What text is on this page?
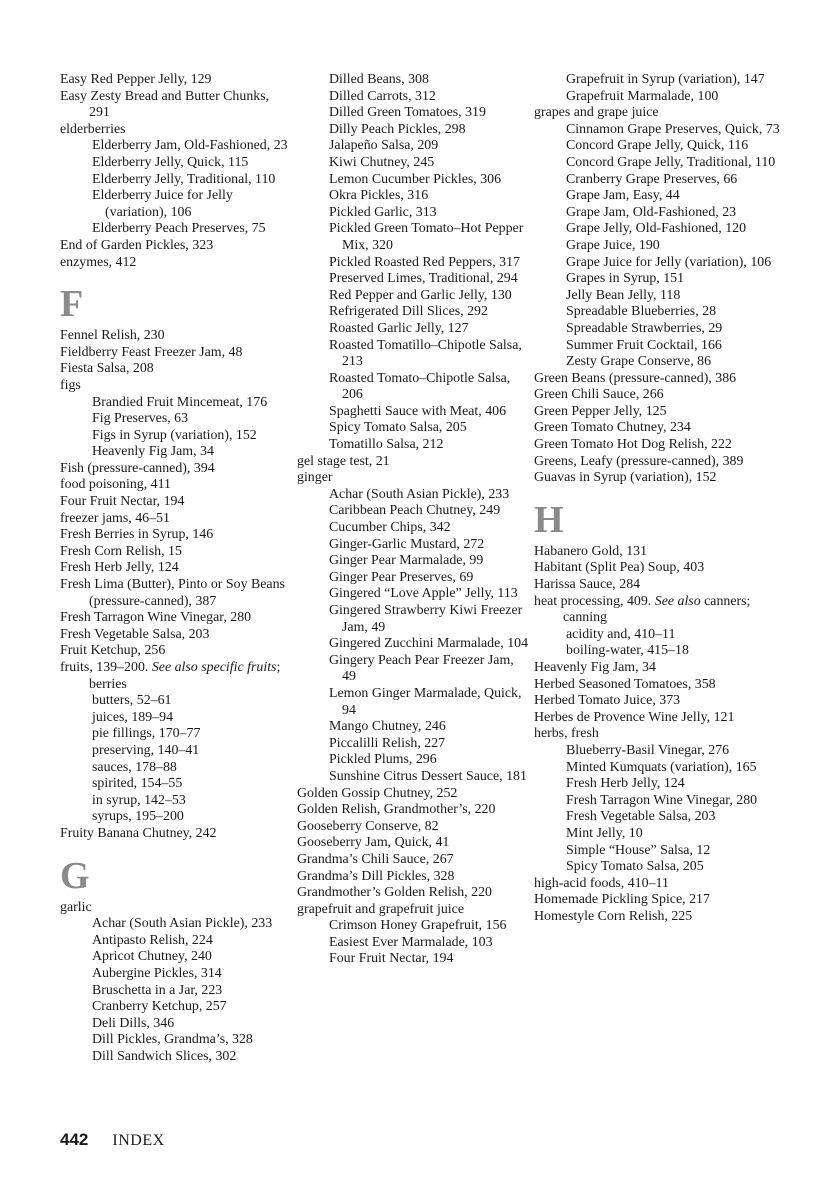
Easy Red Pepper Jelly, 129
Easy Zesty Bread and Butter Chunks, 291
elderberries
Elderberry Jam, Old-Fashioned, 23
Elderberry Jelly, Quick, 115
Elderberry Jelly, Traditional, 110
Elderberry Juice for Jelly (variation), 106
Elderberry Peach Preserves, 75
End of Garden Pickles, 323
enzymes, 412
F
Fennel Relish, 230
Fieldberry Feast Freezer Jam, 48
Fiesta Salsa, 208
figs
Brandied Fruit Mincemeat, 176
Fig Preserves, 63
Figs in Syrup (variation), 152
Heavenly Fig Jam, 34
Fish (pressure-canned), 394
food poisoning, 411
Four Fruit Nectar, 194
freezer jams, 46–51
Fresh Berries in Syrup, 146
Fresh Corn Relish, 15
Fresh Herb Jelly, 124
Fresh Lima (Butter), Pinto or Soy Beans (pressure-canned), 387
Fresh Tarragon Wine Vinegar, 280
Fresh Vegetable Salsa, 203
Fruit Ketchup, 256
fruits, 139–200. See also specific fruits; berries
butters, 52–61
juices, 189–94
pie fillings, 170–77
preserving, 140–41
sauces, 178–88
spirited, 154–55
in syrup, 142–53
syrups, 195–200
Fruity Banana Chutney, 242
G
garlic
Achar (South Asian Pickle), 233
Antipasto Relish, 224
Apricot Chutney, 240
Aubergine Pickles, 314
Bruschetta in a Jar, 223
Cranberry Ketchup, 257
Deli Dills, 346
Dill Pickles, Grandma’s, 328
Dill Sandwich Slices, 302
Dilled Beans, 308
Dilled Carrots, 312
Dilled Green Tomatoes, 319
Dilly Peach Pickles, 298
Jalapeño Salsa, 209
Kiwi Chutney, 245
Lemon Cucumber Pickles, 306
Okra Pickles, 316
Pickled Garlic, 313
Pickled Green Tomato–Hot Pepper Mix, 320
Pickled Roasted Red Peppers, 317
Preserved Limes, Traditional, 294
Red Pepper and Garlic Jelly, 130
Refrigerated Dill Slices, 292
Roasted Garlic Jelly, 127
Roasted Tomatillo–Chipotle Salsa, 213
Roasted Tomato–Chipotle Salsa, 206
Spaghetti Sauce with Meat, 406
Spicy Tomato Salsa, 205
Tomatillo Salsa, 212
gel stage test, 21
ginger
Achar (South Asian Pickle), 233
Caribbean Peach Chutney, 249
Cucumber Chips, 342
Ginger-Garlic Mustard, 272
Ginger Pear Marmalade, 99
Ginger Pear Preserves, 69
Gingered “Love Apple” Jelly, 113
Gingered Strawberry Kiwi Freezer Jam, 49
Gingered Zucchini Marmalade, 104
Gingery Peach Pear Freezer Jam, 49
Lemon Ginger Marmalade, Quick, 94
Mango Chutney, 246
Piccalilli Relish, 227
Pickled Plums, 296
Sunshine Citrus Dessert Sauce, 181
Golden Gossip Chutney, 252
Golden Relish, Grandmother’s, 220
Gooseberry Conserve, 82
Gooseberry Jam, Quick, 41
Grandma’s Chili Sauce, 267
Grandma’s Dill Pickles, 328
Grandmother’s Golden Relish, 220
grapefruit and grapefruit juice
Crimson Honey Grapefruit, 156
Easiest Ever Marmalade, 103
Four Fruit Nectar, 194
Grapefruit in Syrup (variation), 147
Grapefruit Marmalade, 100
grapes and grape juice
Cinnamon Grape Preserves, Quick, 73
Concord Grape Jelly, Quick, 116
Concord Grape Jelly, Traditional, 110
Cranberry Grape Preserves, 66
Grape Jam, Easy, 44
Grape Jam, Old-Fashioned, 23
Grape Jelly, Old-Fashioned, 120
Grape Juice, 190
Grape Juice for Jelly (variation), 106
Grapes in Syrup, 151
Jelly Bean Jelly, 118
Spreadable Blueberries, 28
Spreadable Strawberries, 29
Summer Fruit Cocktail, 166
Zesty Grape Conserve, 86
Green Beans (pressure-canned), 386
Green Chili Sauce, 266
Green Pepper Jelly, 125
Green Tomato Chutney, 234
Green Tomato Hot Dog Relish, 222
Greens, Leafy (pressure-canned), 389
Guavas in Syrup (variation), 152
H
Habanero Gold, 131
Habitant (Split Pea) Soup, 403
Harissa Sauce, 284
heat processing, 409. See also canners; canning
acidity and, 410–11
boiling-water, 415–18
Heavenly Fig Jam, 34
Herbed Seasoned Tomatoes, 358
Herbed Tomato Juice, 373
Herbes de Provence Wine Jelly, 121
herbs, fresh
Blueberry-Basil Vinegar, 276
Minted Kumquats (variation), 165
Fresh Herb Jelly, 124
Fresh Tarragon Wine Vinegar, 280
Fresh Vegetable Salsa, 203
Mint Jelly, 10
Simple “House” Salsa, 12
Spicy Tomato Salsa, 205
high-acid foods, 410–11
Homemade Pickling Spice, 217
Homestyle Corn Relish, 225
442 INDEX
